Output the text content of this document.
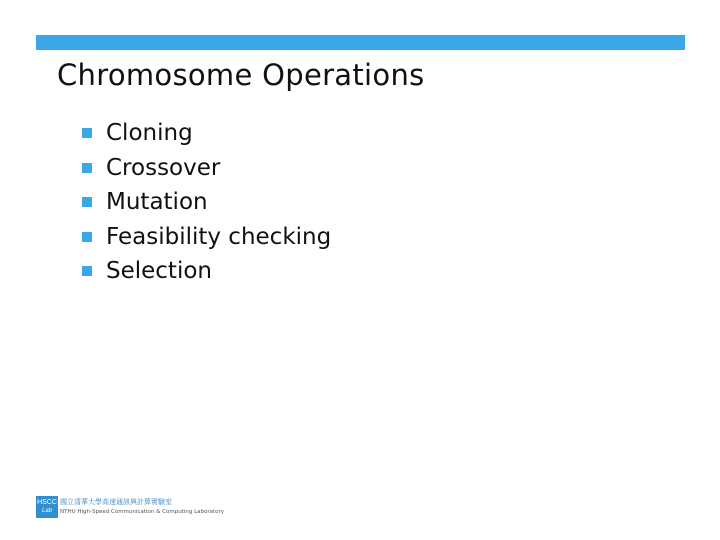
Chromosome Operations
Cloning
Crossover
Mutation
Feasibility checking
Selection
HSCC
Lab
國立清華大學高速通訊與計算實驗室
NTHU High-Speed Communication & Computing Laboratory
